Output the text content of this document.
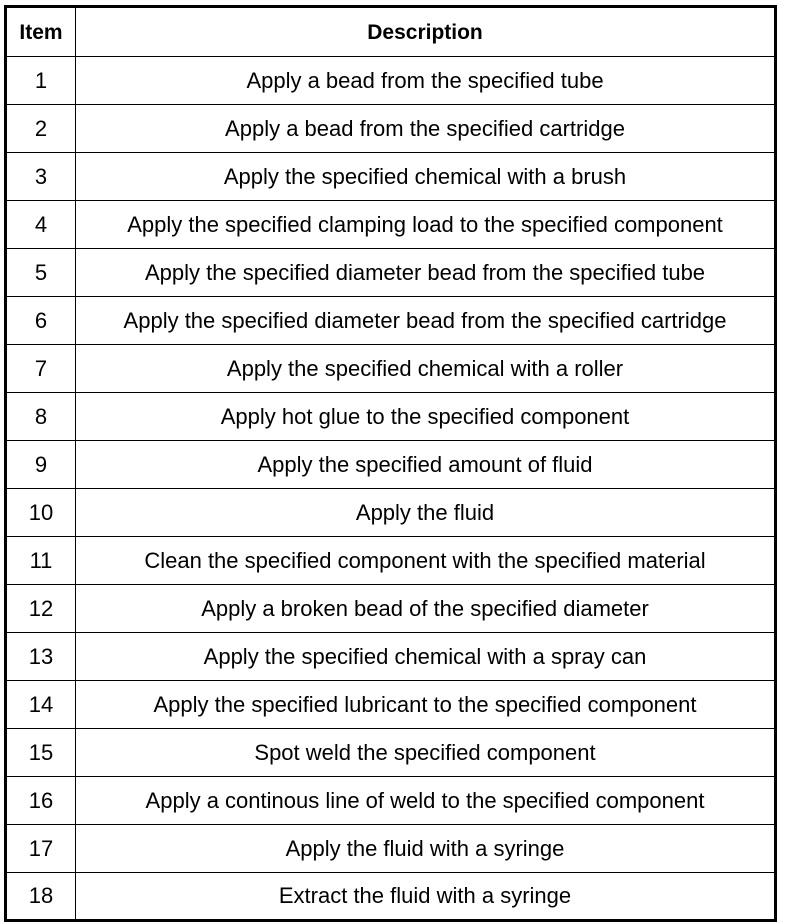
Item	Description
1	Apply a bead from the specified tube
2	Apply a bead from the specified cartridge
3	Apply the specified chemical with a brush
4	Apply the specified clamping load to the specified component
5	Apply the specified diameter bead from the specified tube
6	Apply the specified diameter bead from the specified cartridge
7	Apply the specified chemical with a roller
8	Apply hot glue to the specified component
9	Apply the specified amount of fluid
10	Apply the fluid
11	Clean the specified component with the specified material
12	Apply a broken bead of the specified diameter
13	Apply the specified chemical with a spray can
14	Apply the specified lubricant to the specified component
15	Spot weld the specified component
16	Apply a continous line of weld to the specified component
17	Apply the fluid with a syringe
18	Extract the fluid with a syringe
